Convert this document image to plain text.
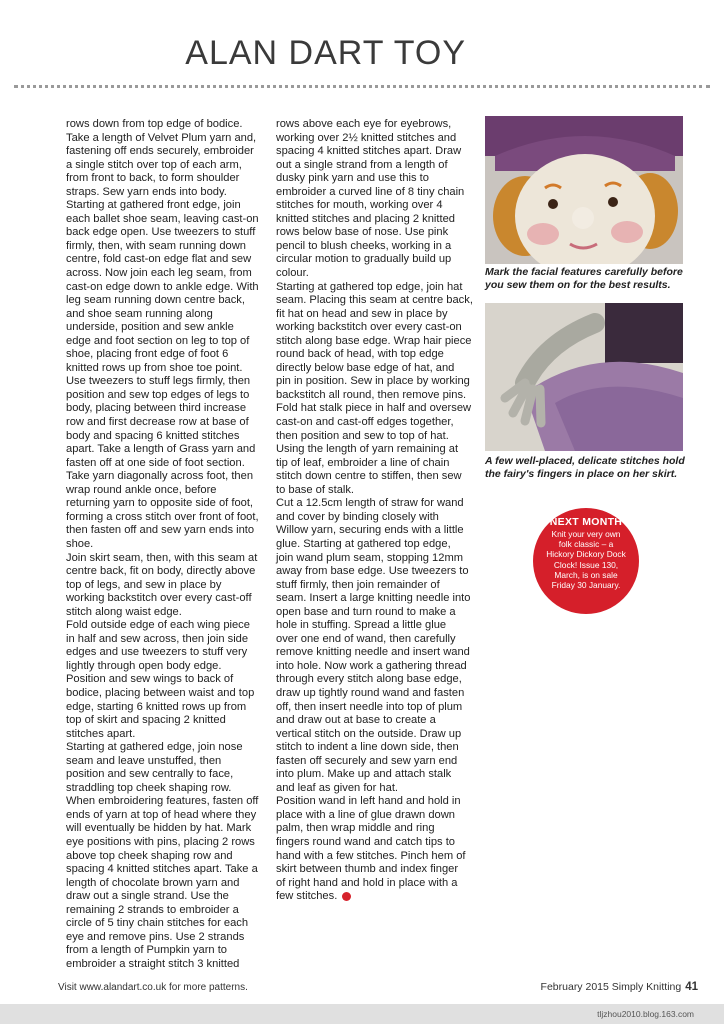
ALAN DART TOY

rows down from top edge of bodice.

Take a length of Velvet Plum yarn and,

fastening off ends securely, embroider

a single stitch over top of each arm,

from front to back, to form shoulder

straps. Sew yarn ends into body.

Starting at gathered front edge, join

each ballet shoe seam, leaving cast-on

back edge open. Use tweezers to stuff

firmly, then, with seam running down

centre, fold cast-on edge flat and sew

across. Now join each leg seam, from

cast-on edge down to ankle edge. With

leg seam running down centre back,

and shoe seam running along

underside, position and sew ankle

edge and foot section on leg to top of

shoe, placing front edge of foot 6

knitted rows up from shoe toe point.

Use tweezers to stuff legs firmly, then

position and sew top edges of legs to

body, placing between third increase

row and first decrease row at base of

body and spacing 6 knitted stitches

apart. Take a length of Grass yarn and

fasten off at one side of foot section.

Take yarn diagonally across foot, then

wrap round ankle once, before

returning yarn to opposite side of foot,

forming a cross stitch over front of foot,

then fasten off and sew yarn ends into

shoe.

Join skirt seam, then, with this seam at

centre back, fit on body, directly above

top of legs, and sew in place by

working backstitch over every cast-off

stitch along waist edge.

Fold outside edge of each wing piece

in half and sew across, then join side

edges and use tweezers to stuff very

lightly through open body edge.

Position and sew wings to back of

bodice, placing between waist and top

edge, starting 6 knitted rows up from

top of skirt and spacing 2 knitted

stitches apart.

Starting at gathered edge, join nose

seam and leave unstuffed, then

position and sew centrally to face,

straddling top cheek shaping row.

When embroidering features, fasten off

ends of yarn at top of head where they

will eventually be hidden by hat. Mark

eye positions with pins, placing 2 rows

above top cheek shaping row and

spacing 4 knitted stitches apart. Take a

length of chocolate brown yarn and

draw out a single strand. Use the

remaining 2 strands to embroider a

circle of 5 tiny chain stitches for each

eye and remove pins. Use 2 strands

from a length of Pumpkin yarn to

embroider a straight stitch 3 knitted

rows above each eye for eyebrows,

working over 2½ knitted stitches and

spacing 4 knitted stitches apart. Draw

out a single strand from a length of

dusky pink yarn and use this to

embroider a curved line of 8 tiny chain

stitches for mouth, working over 4

knitted stitches and placing 2 knitted

rows below base of nose. Use pink

pencil to blush cheeks, working in a

circular motion to gradually build up

colour.

Starting at gathered top edge, join hat

seam. Placing this seam at centre back,

fit hat on head and sew in place by

working backstitch over every cast-on

stitch along base edge. Wrap hair piece

round back of head, with top edge

directly below base edge of hat, and

pin in position. Sew in place by working

backstitch all round, then remove pins.

Fold hat stalk piece in half and oversew

cast-on and cast-off edges together,

then position and sew to top of hat.

Using the length of yarn remaining at

tip of leaf, embroider a line of chain

stitch down centre to stiffen, then sew

to base of stalk.

Cut a 12.5cm length of straw for wand

and cover by binding closely with

Willow yarn, securing ends with a little

glue. Starting at gathered top edge,

join wand plum seam, stopping 12mm

away from base edge. Use tweezers to

stuff firmly, then join remainder of

seam. Insert a large knitting needle into

open base and turn round to make a

hole in stuffing. Spread a little glue

over one end of wand, then carefully

remove knitting needle and insert wand

into hole. Now work a gathering thread

through every stitch along base edge,

draw up tightly round wand and fasten

off, then insert needle into top of plum

and draw out at base to create a

vertical stitch on the outside. Draw up

stitch to indent a line down side, then

fasten off securely and sew yarn end

into plum. Make up and attach stalk

and leaf as given for hat.

Position wand in left hand and hold in

place with a line of glue drawn down

palm, then wrap middle and ring

fingers round wand and catch tips to

hand with a few stitches. Pinch hem of

skirt between thumb and index finger

of right hand and hold in place with a

few stitches.

Mark the facial features carefully before you sew them on for the best results.
A few well-placed, delicate stitches hold the fairy's fingers in place on her skirt.
NEXT MONTH
Knit your very own folk classic – a Hickory Dickory Dock Clock! Issue 130, March, is on sale Friday 30 January.
Visit www.alandart.co.uk for more patterns.	February 2015 Simply Knitting 41
tljzhou2010.blog.163.com
